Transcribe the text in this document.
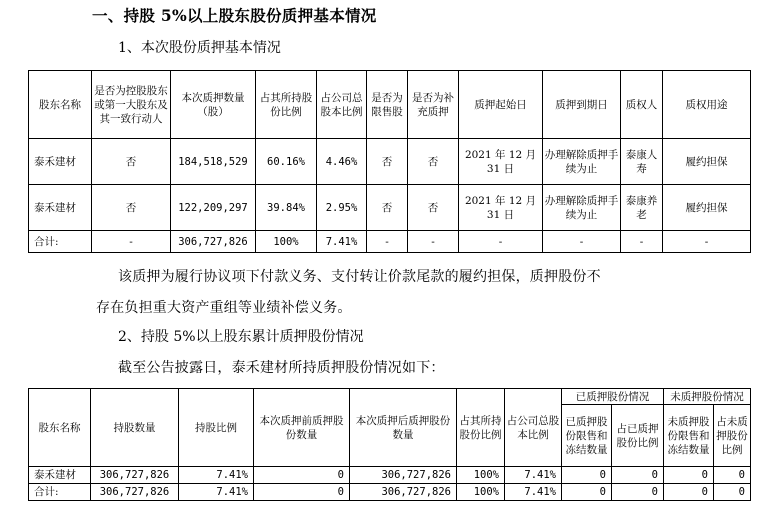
一、持股 5%以上股东股份质押基本情况
1、本次股份质押基本情况
股东名称	是否为控股股东或第一大股东及其一致行动人	本次质押数量（股）	占其所持股份比例	占公司总股本比例	是否为限售股	是否为补充质押	质押起始日	质押到期日	质权人	质权用途
泰禾建材	否	184,518,529	60.16%	4.46%	否	否	2021 年 12 月 31 日	办理解除质押手续为止	泰康人寿	履约担保
泰禾建材	否	122,209,297	39.84%	2.95%	否	否	2021 年 12 月 31 日	办理解除质押手续为止	泰康养老	履约担保
合计:	-	306,727,826	100%	7.41%	-	-	-	-	-	-
该质押为履行协议项下付款义务、支付转让价款尾款的履约担保，质押股份不
存在负担重大资产重组等业绩补偿义务。
2、持股 5%以上股东累计质押股份情况
截至公告披露日，泰禾建材所持质押股份情况如下：
股东名称	持股数量	持股比例	本次质押前质押股份数量	本次质押后质押股份数量	占其所持股份比例	占公司总股本比例	已质押股份情况		未质押股份情况	
							已质押股份限售和冻结数量	占已质押股份比例	未质押股份限售和冻结数量	占未质押股份比例
泰禾建材	306,727,826	7.41%	0	306,727,826	100%	7.41%	0	0	0	0
合计:	306,727,826	7.41%	0	306,727,826	100%	7.41%	0	0	0	0
